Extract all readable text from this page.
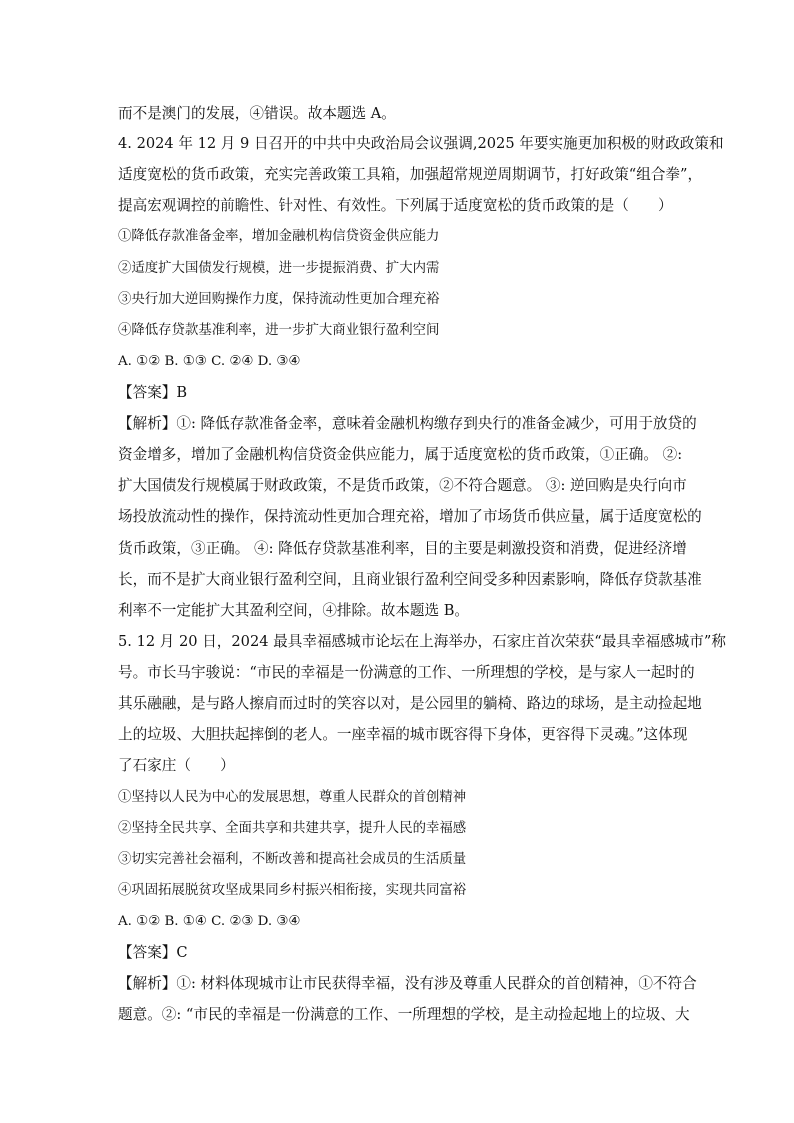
而不是澳门的发展，④错误。故本题选 A。
4. 2024 年 12 月 9 日召开的中共中央政治局会议强调,2025 年要实施更加积极的财政政策和
适度宽松的货币政策，充实完善政策工具箱，加强超常规逆周期调节，打好政策“组合拳”，
提高宏观调控的前瞻性、针对性、有效性。下列属于适度宽松的货币政策的是（　　）
①降低存款准备金率，增加金融机构信贷资金供应能力
②适度扩大国债发行规模，进一步提振消费、扩大内需
③央行加大逆回购操作力度，保持流动性更加合理充裕
④降低存贷款基准利率，进一步扩大商业银行盈利空间
A. ①② B. ①③ C. ②④ D. ③④
【答案】B
【解析】①: 降低存款准备金率，意味着金融机构缴存到央行的准备金减少，可用于放贷的
资金增多，增加了金融机构信贷资金供应能力，属于适度宽松的货币政策，①正确。 ②:
扩大国债发行规模属于财政政策，不是货币政策，②不符合题意。 ③: 逆回购是央行向市
场投放流动性的操作，保持流动性更加合理充裕，增加了市场货币供应量，属于适度宽松的
货币政策，③正确。 ④: 降低存贷款基准利率，目的主要是刺激投资和消费，促进经济增
长，而不是扩大商业银行盈利空间，且商业银行盈利空间受多种因素影响，降低存贷款基准
利率不一定能扩大其盈利空间，④排除。故本题选 B。
5. 12 月 20 日，2024 最具幸福感城市论坛在上海举办，石家庄首次荣获“最具幸福感城市”称
号。市长马宇骏说：“市民的幸福是一份满意的工作、一所理想的学校，是与家人一起时的
其乐融融，是与路人擦肩而过时的笑容以对，是公园里的躺椅、路边的球场，是主动捡起地
上的垃圾、大胆扶起摔倒的老人。一座幸福的城市既容得下身体，更容得下灵魂。”这体现
了石家庄（　　）
①坚持以人民为中心的发展思想，尊重人民群众的首创精神
②坚持全民共享、全面共享和共建共享，提升人民的幸福感
③切实完善社会福利，不断改善和提高社会成员的生活质量
④巩固拓展脱贫攻坚成果同乡村振兴相衔接，实现共同富裕
A. ①② B. ①④ C. ②③ D. ③④
【答案】C
【解析】①: 材料体现城市让市民获得幸福，没有涉及尊重人民群众的首创精神，①不符合
题意。②: “市民的幸福是一份满意的工作、一所理想的学校，是主动捡起地上的垃圾、大
